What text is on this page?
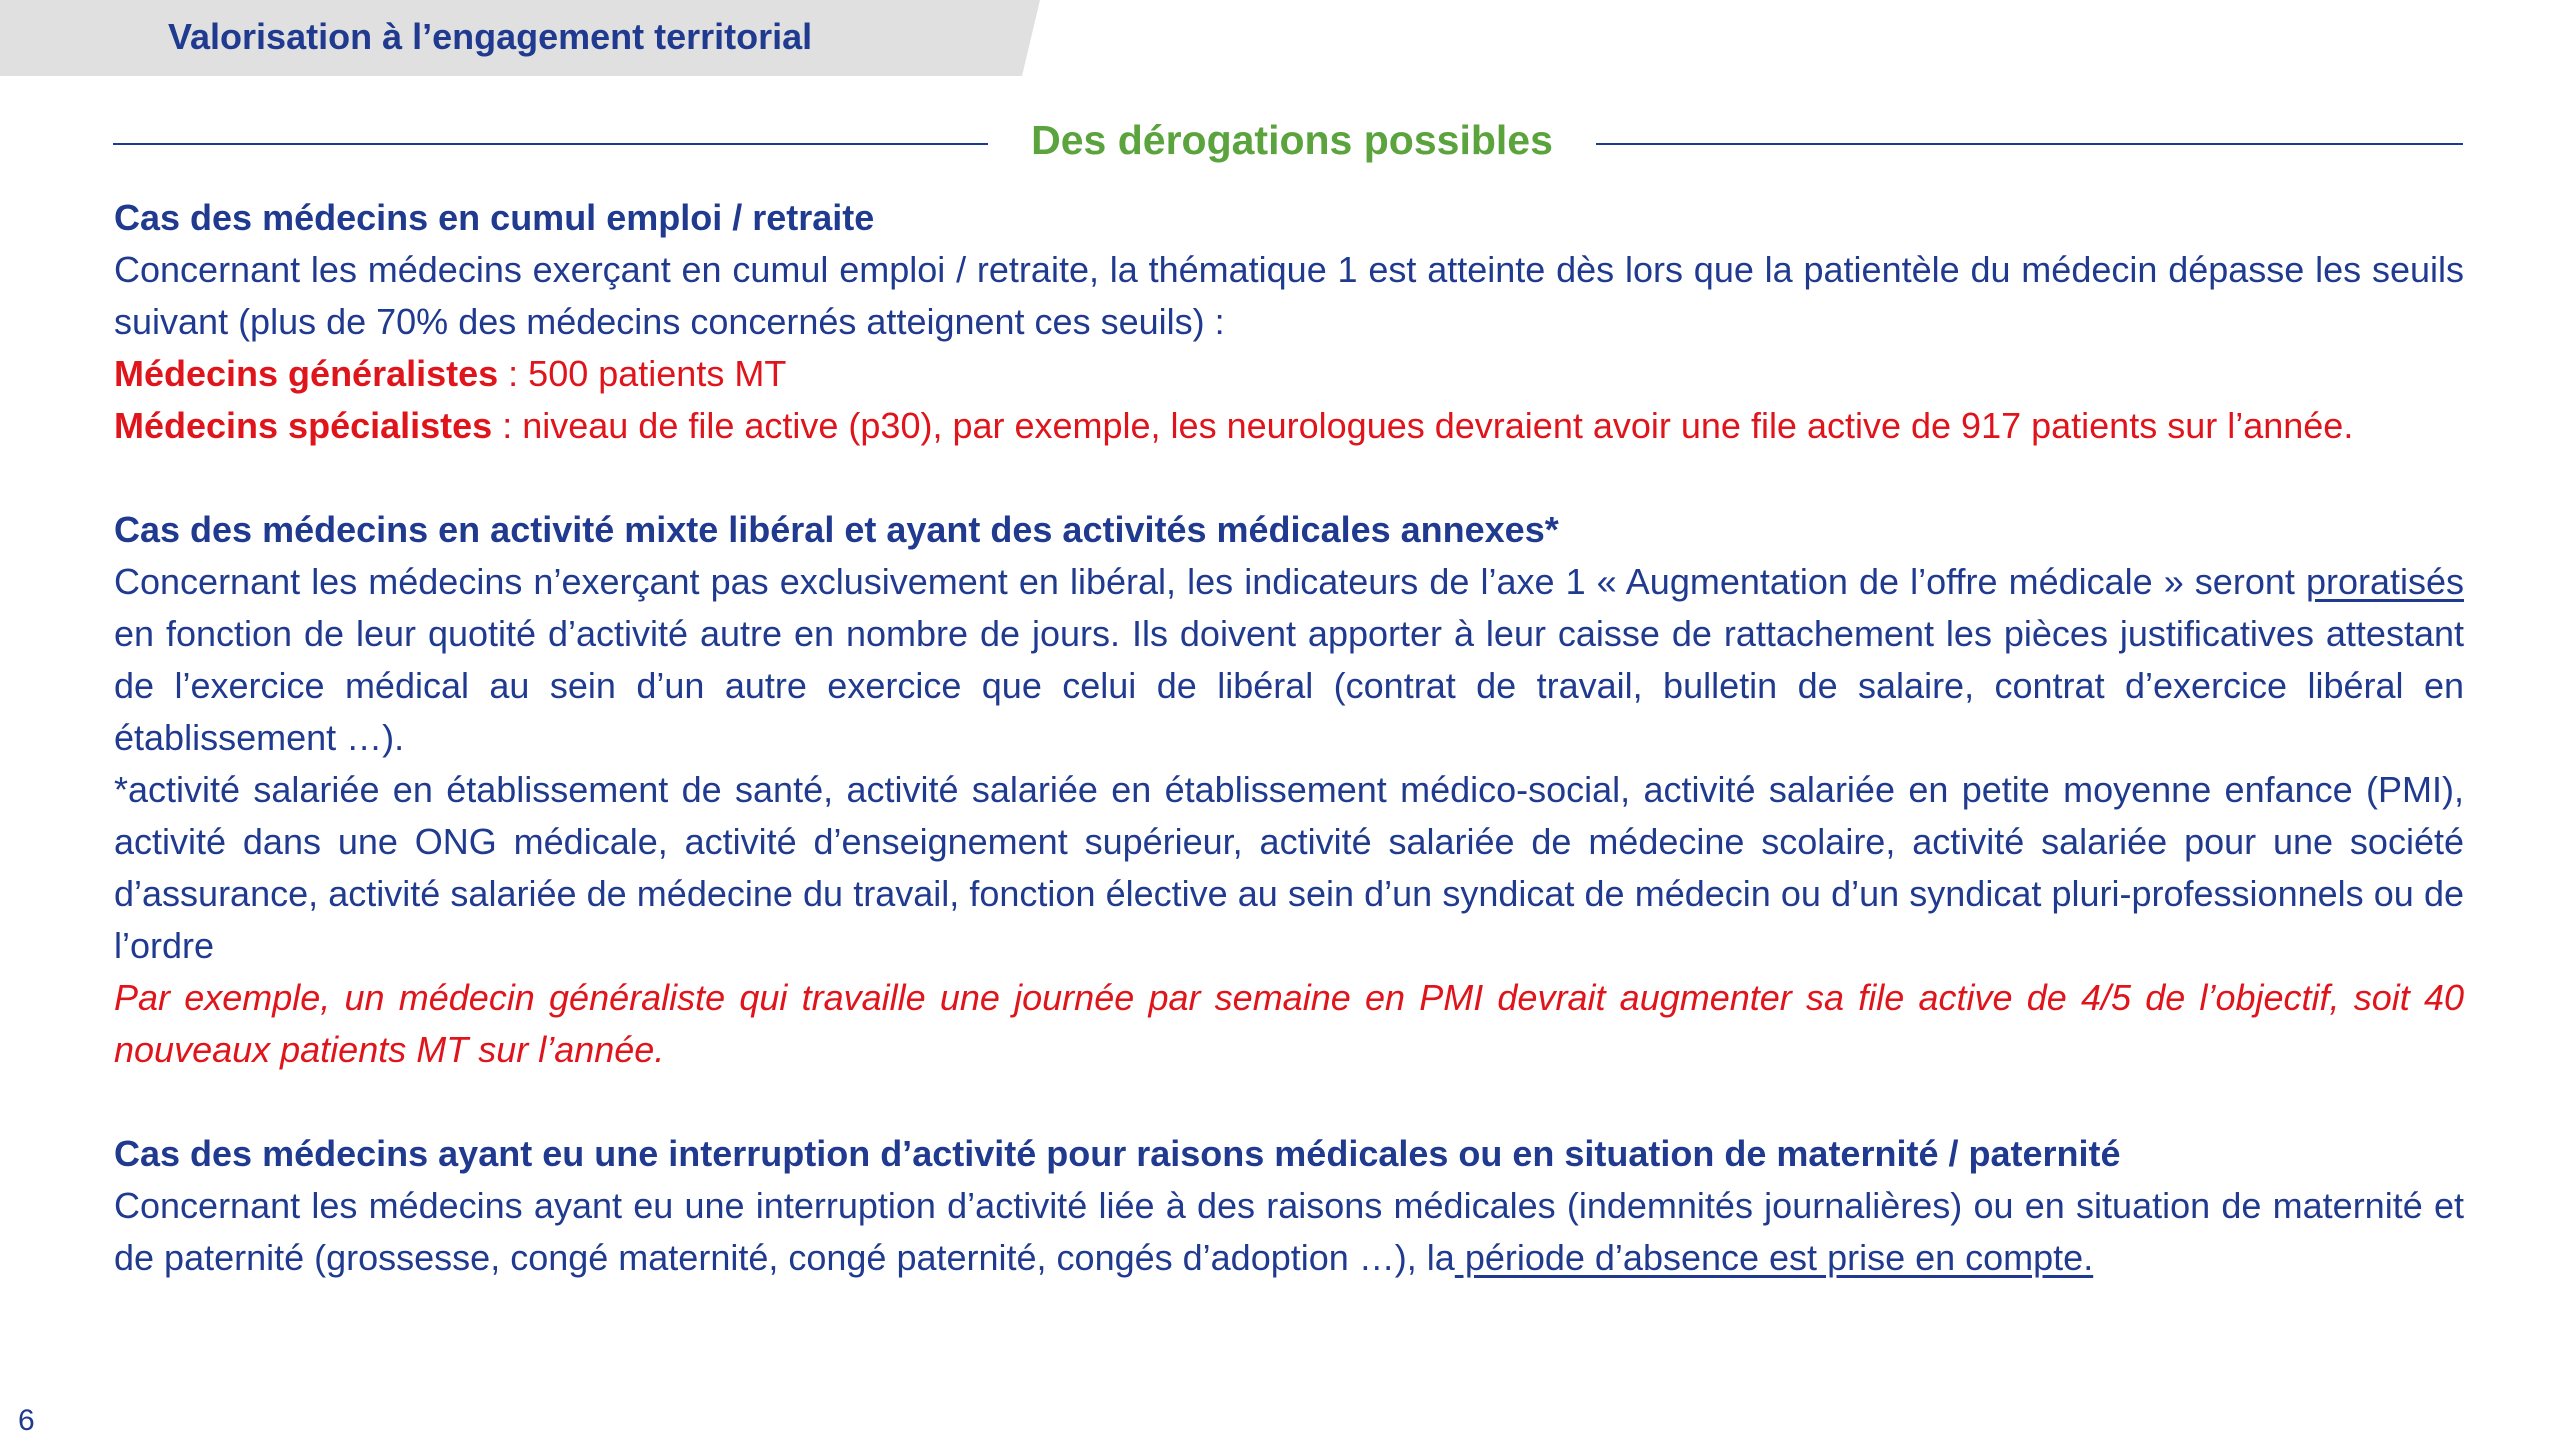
Valorisation à l’engagement territorial
Des dérogations possibles

Cas des médecins en cumul emploi / retraite

Concernant les médecins exerçant en cumul emploi / retraite, la thématique 1 est atteinte dès lors que la patientèle du médecin dépasse les seuils suivant (plus de 70% des médecins concernés atteignent ces seuils) :

Médecins généralistes : 500 patients MT

Médecins spécialistes : niveau de file active (p30), par exemple, les neurologues devraient avoir une file active de 917 patients sur l’année.

Cas des médecins en activité mixte libéral et ayant des activités médicales annexes*

Concernant les médecins n’exerçant pas exclusivement en libéral, les indicateurs de l’axe 1 « Augmentation de l’offre médicale » seront proratisés en fonction de leur quotité d’activité autre en nombre de jours. Ils doivent apporter à leur caisse de rattachement les pièces justificatives attestant de l’exercice médical au sein d’un autre exercice que celui de libéral (contrat de travail, bulletin de salaire, contrat d’exercice libéral en établissement …).

*activité salariée en établissement de santé, activité salariée en établissement médico-social, activité salariée en petite moyenne enfance (PMI), activité dans une ONG médicale, activité d’enseignement supérieur, activité salariée de médecine scolaire, activité salariée pour une société d’assurance, activité salariée de médecine du travail, fonction élective au sein d’un syndicat de médecin ou d’un syndicat pluri-professionnels ou de l’ordre

Par exemple, un médecin généraliste qui travaille une journée par semaine en PMI devrait augmenter sa file active de 4/5 de l’objectif, soit 40 nouveaux patients MT sur l’année.

Cas des médecins ayant eu une interruption d’activité pour raisons médicales ou en situation de maternité / paternité

Concernant les médecins ayant eu une interruption d’activité liée à des raisons médicales (indemnités journalières) ou en situation de maternité et de paternité (grossesse, congé maternité, congé paternité, congés d’adoption …), la période d’absence est prise en compte.

6
